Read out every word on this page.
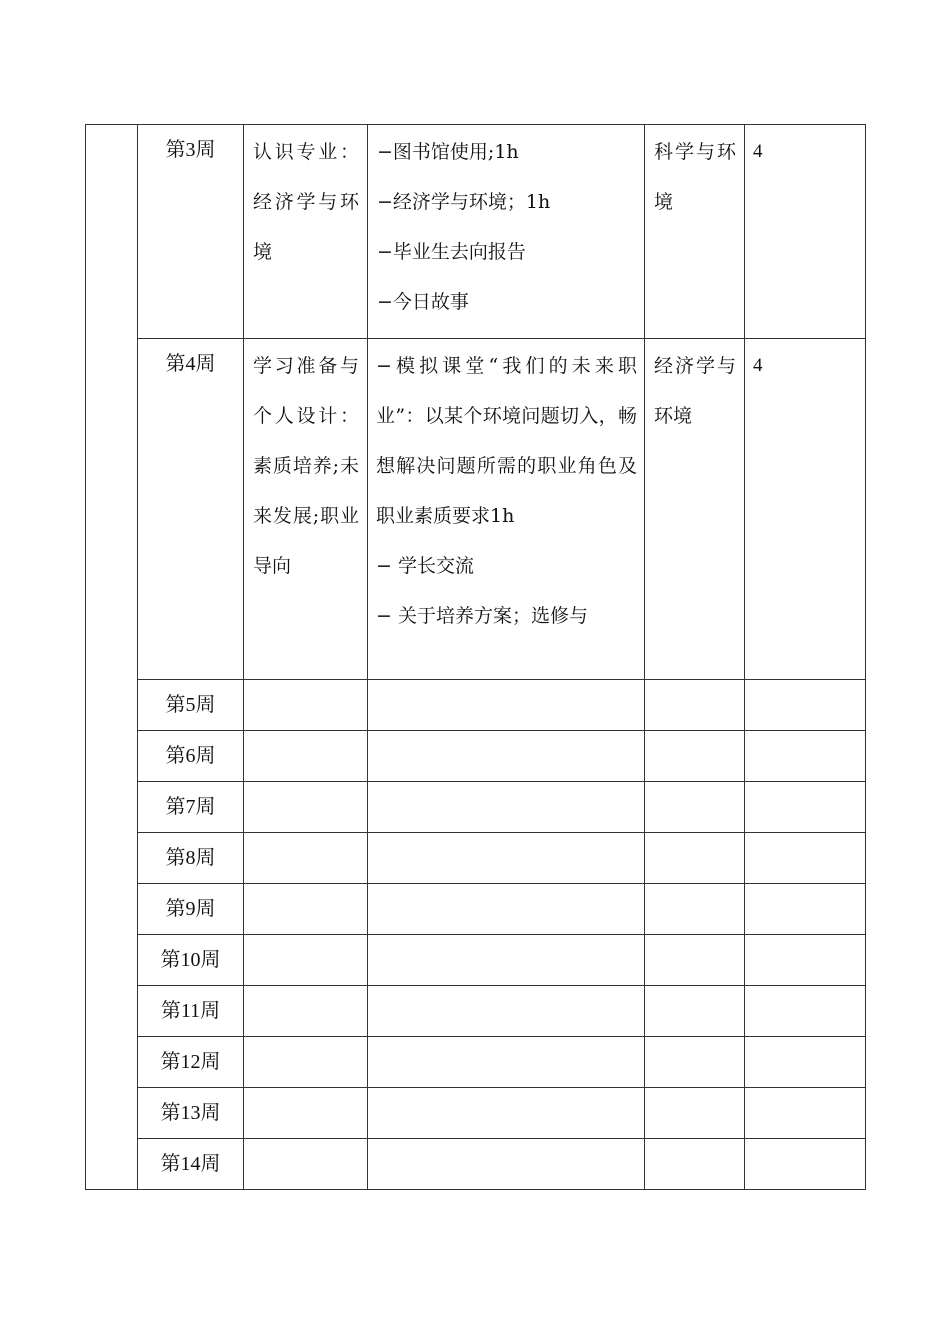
	第3周	认识专业：经济学与环境	−图书馆使用;1h
−经济学与环境；1h
−毕业生去向报告
−今日故事	科学与环境	4

	第4周	学习准备与个人设计：素质培养;未来发展;职业导向	−模拟课堂“我们的未来职业”：以某个环境问题切入，畅想解决问题所需的职业角色及职业素质要求1h
− 学长交流
− 关于培养方案；选修与	经济学与环境	4

	第5周				
	第6周				
	第7周				
	第8周				
	第9周				
	第10周				
	第11周				
	第12周				
	第13周				
	第14周				
